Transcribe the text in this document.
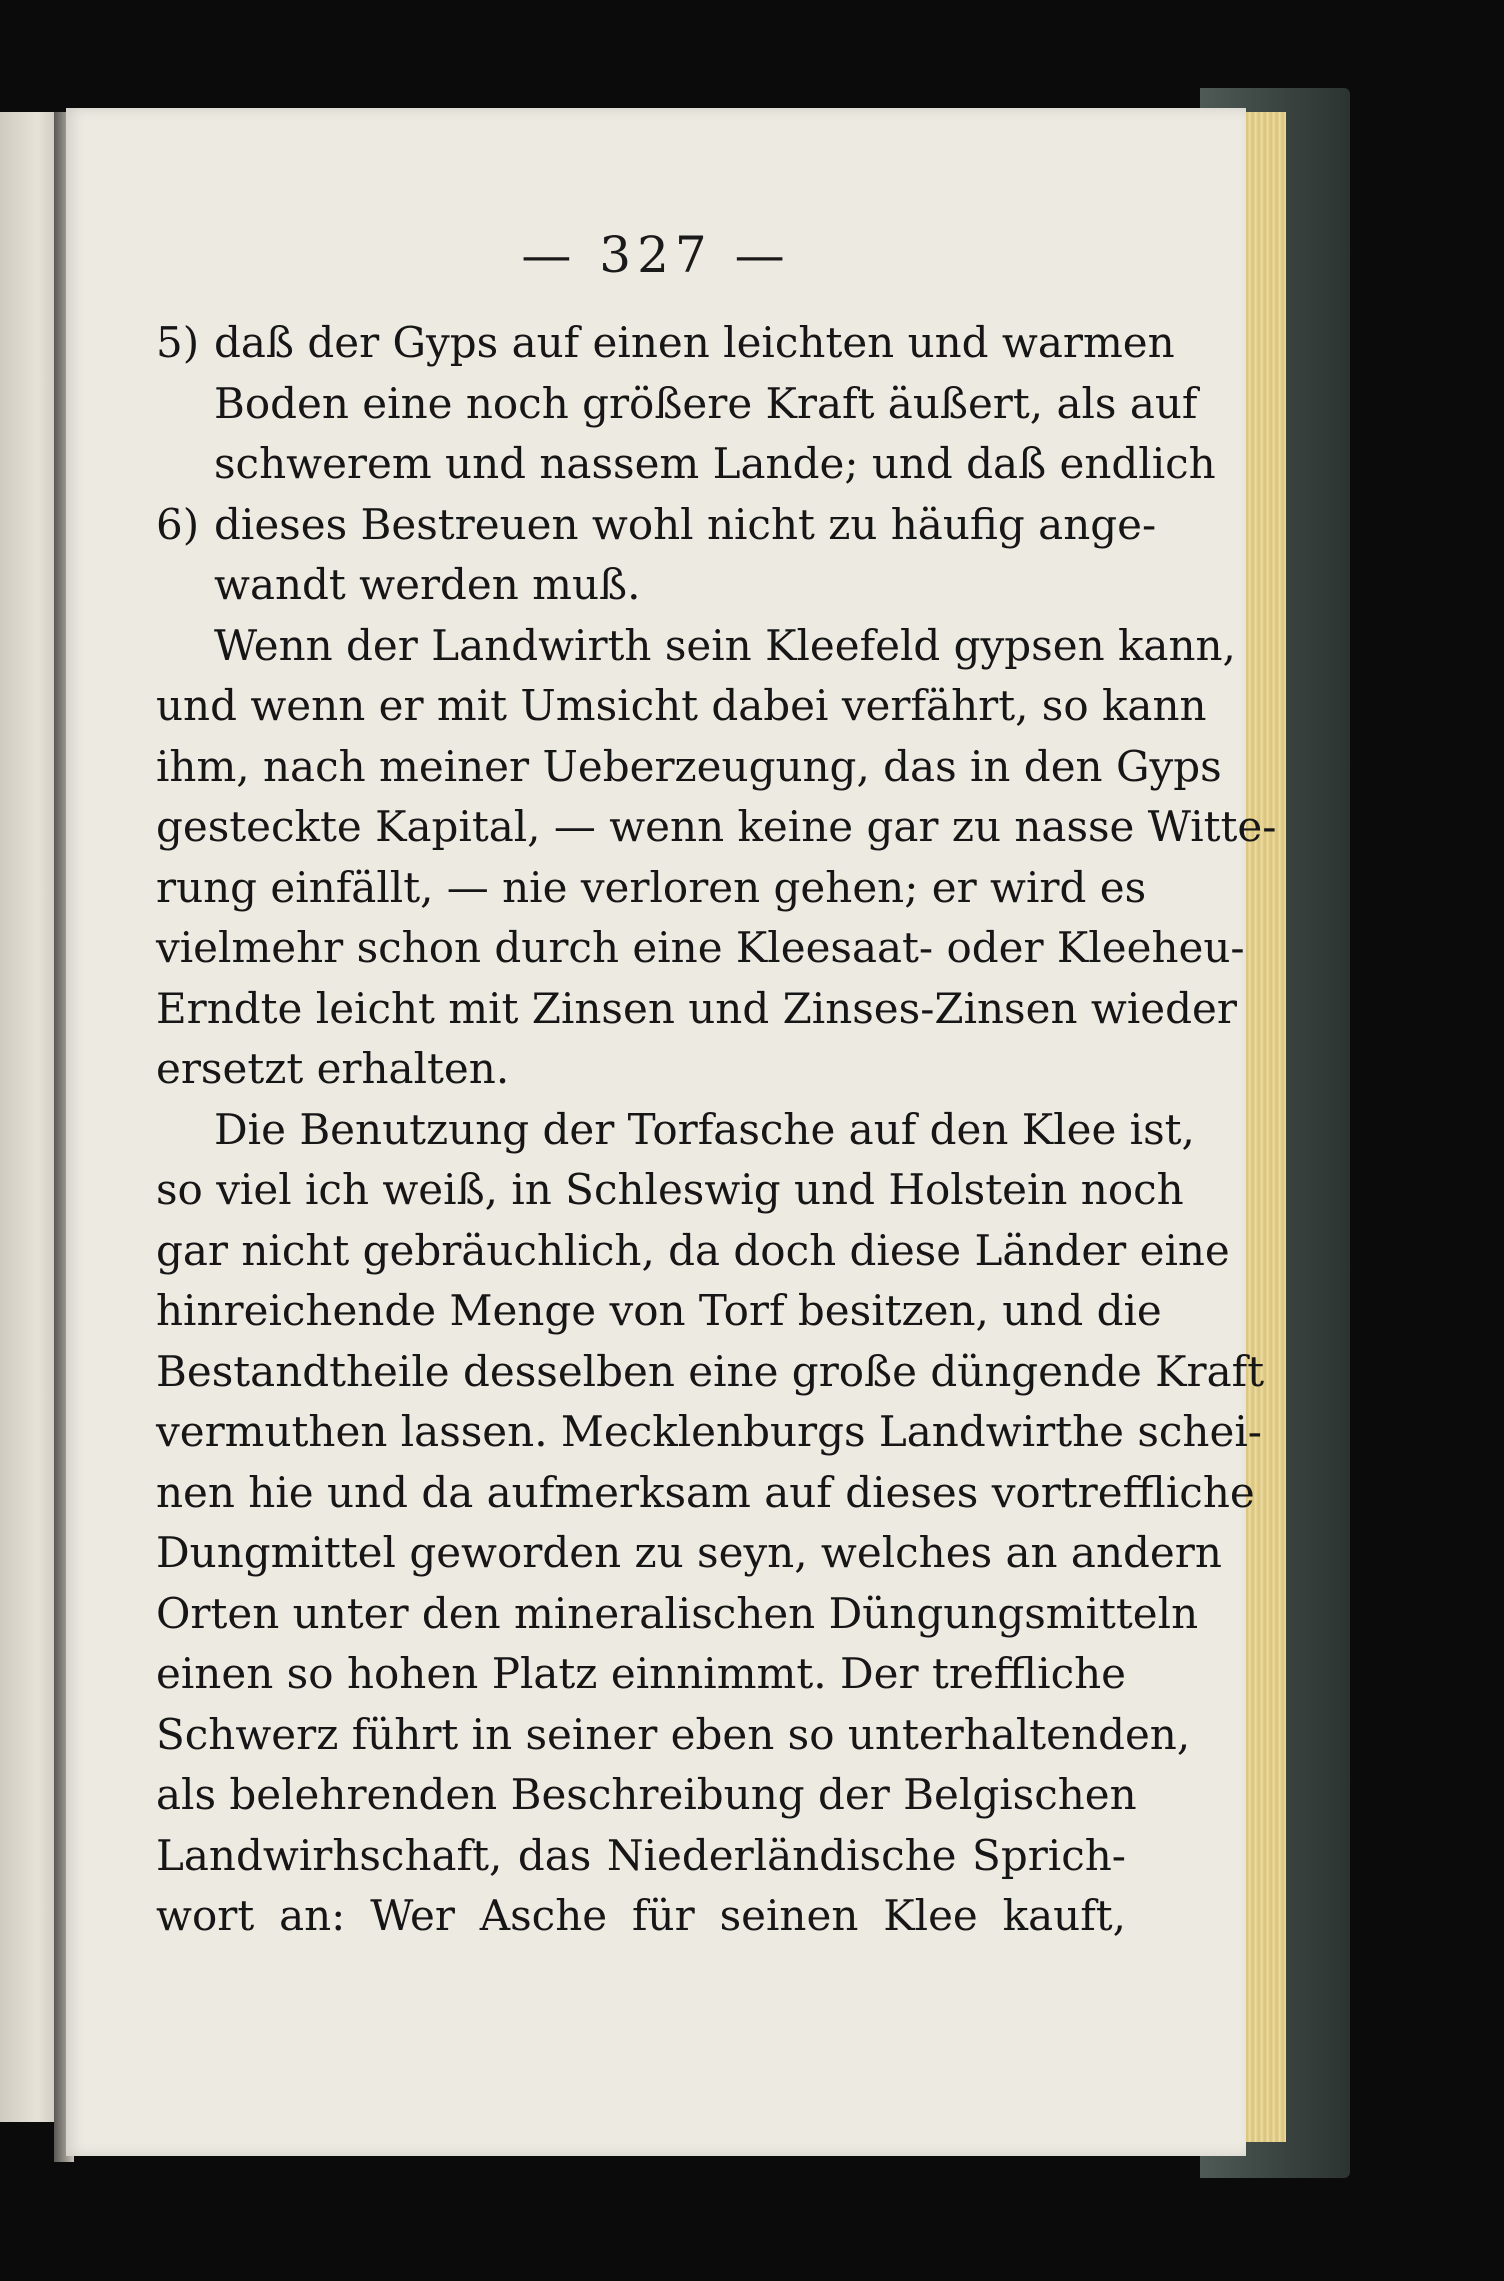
— 327 —
5) daß der Gyps auf einen leichten und warmen
Boden eine noch größere Kraft äußert, als auf
schwerem und nassem Lande; und daß endlich
6) dieses Bestreuen wohl nicht zu häufig ange-
wandt werden muß.
Wenn der Landwirth sein Kleefeld gypsen kann,
und wenn er mit Umsicht dabei verfährt, so kann
ihm, nach meiner Ueberzeugung, das in den Gyps
gesteckte Kapital, — wenn keine gar zu nasse Witte-
rung einfällt, — nie verloren gehen; er wird es
vielmehr schon durch eine Kleesaat- oder Kleeheu-
Erndte leicht mit Zinsen und Zinses-Zinsen wieder
ersetzt erhalten.
Die Benutzung der Torfasche auf den Klee ist,
so viel ich weiß, in Schleswig und Holstein noch
gar nicht gebräuchlich, da doch diese Länder eine
hinreichende Menge von Torf besitzen, und die
Bestandtheile desselben eine große düngende Kraft
vermuthen lassen. Mecklenburgs Landwirthe schei-
nen hie und da aufmerksam auf dieses vortreffliche
Dungmittel geworden zu seyn, welches an andern
Orten unter den mineralischen Düngungsmitteln
einen so hohen Platz einnimmt. Der treffliche
Schwerz führt in seiner eben so unterhaltenden,
als belehrenden Beschreibung der Belgischen
Landwirhschaft, das Niederländische Sprich-
wort an: Wer Asche für seinen Klee kauft,
